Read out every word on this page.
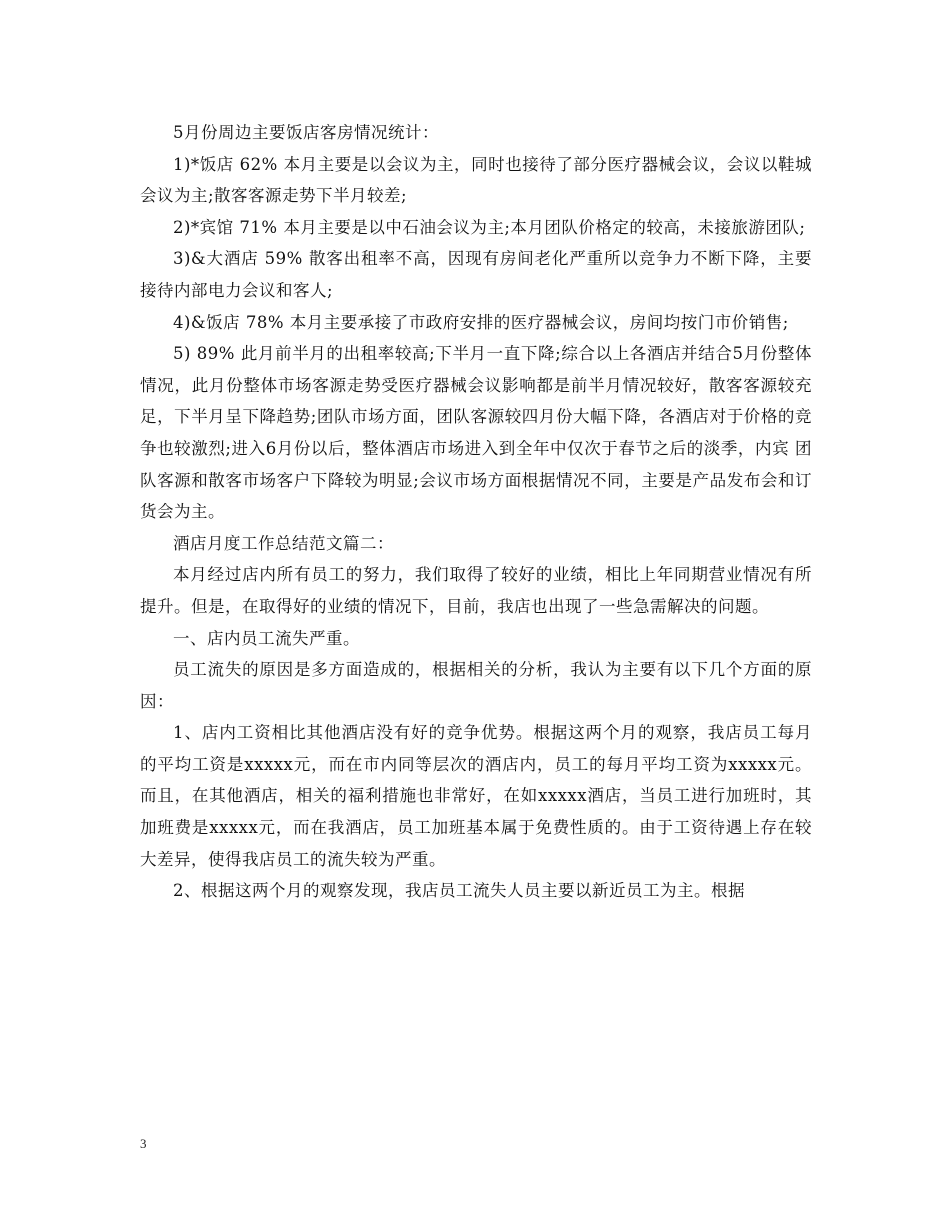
5月份周边主要饭店客房情况统计：

1)*饭店 62% 本月主要是以会议为主，同时也接待了部分医疗器械会议，会议以鞋城会议为主;散客客源走势下半月较差;

2)*宾馆 71% 本月主要是以中石油会议为主;本月团队价格定的较高，未接旅游团队;

3)&大酒店 59% 散客出租率不高，因现有房间老化严重所以竞争力不断下降，主要接待内部电力会议和客人;

4)&饭店 78% 本月主要承接了市政府安排的医疗器械会议，房间均按门市价销售;

5) 89% 此月前半月的出租率较高;下半月一直下降;综合以上各酒店并结合5月份整体情况，此月份整体市场客源走势受医疗器械会议影响都是前半月情况较好，散客客源较充足，下半月呈下降趋势;团队市场方面，团队客源较四月份大幅下降，各酒店对于价格的竞争也较激烈;进入6月份以后，整体酒店市场进入到全年中仅次于春节之后的淡季，内宾 团队客源和散客市场客户下降较为明显;会议市场方面根据情况不同，主要是产品发布会和订货会为主。

酒店月度工作总结范文篇二：

本月经过店内所有员工的努力，我们取得了较好的业绩，相比上年同期营业情况有所提升。但是，在取得好的业绩的情况下，目前，我店也出现了一些急需解决的问题。

一、店内员工流失严重。

员工流失的原因是多方面造成的，根据相关的分析，我认为主要有以下几个方面的原因：

1、店内工资相比其他酒店没有好的竞争优势。根据这两个月的观察，我店员工每月的平均工资是xxxxx元，而在市内同等层次的酒店内，员工的每月平均工资为xxxxx元。而且，在其他酒店，相关的福利措施也非常好，在如xxxxx酒店，当员工进行加班时，其加班费是xxxxx元，而在我酒店，员工加班基本属于免费性质的。由于工资待遇上存在较大差异，使得我店员工的流失较为严重。

2、根据这两个月的观察发现，我店员工流失人员主要以新近员工为主。根据

3
